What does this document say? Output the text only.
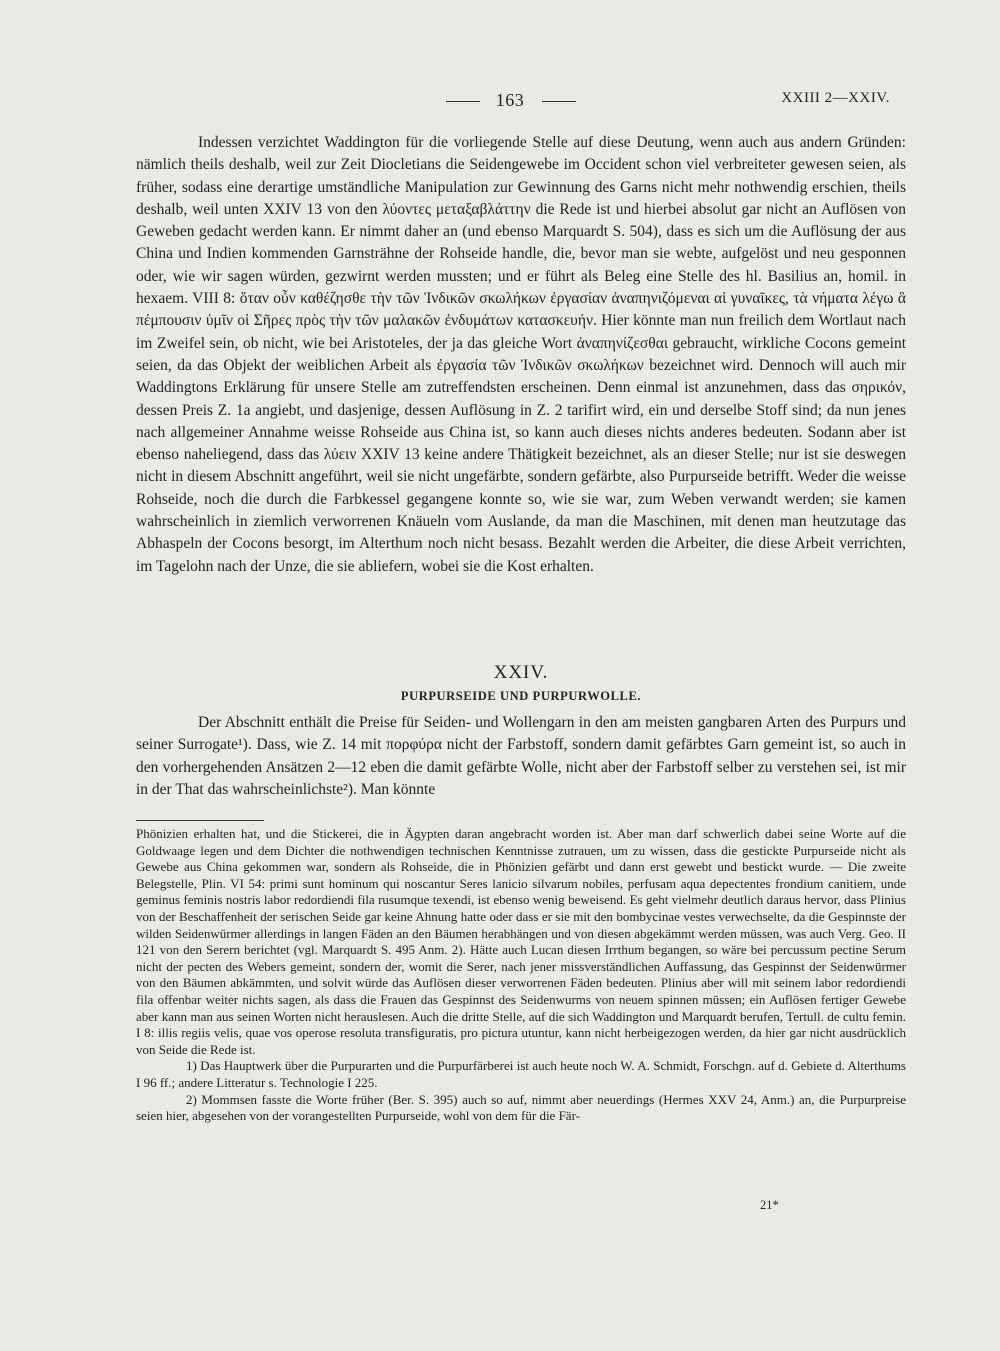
163	XXIII 2—XXIV.

Indessen verzichtet Waddington für die vorliegende Stelle auf diese Deutung, wenn auch aus andern Gründen: nämlich theils deshalb, weil zur Zeit Diocletians die Seidengewebe im Occident schon viel verbreiteter gewesen seien, als früher, sodass eine derartige umständliche Manipulation zur Gewinnung des Garns nicht mehr nothwendig erschien, theils deshalb, weil unten XXIV 13 von den λύοντες μεταξαβλάττην die Rede ist und hierbei absolut gar nicht an Auflösen von Geweben gedacht werden kann. Er nimmt daher an (und ebenso Marquardt S. 504), dass es sich um die Auflösung der aus China und Indien kommenden Garnsträhne der Rohseide handle, die, bevor man sie webte, aufgelöst und neu gesponnen oder, wie wir sagen würden, gezwirnt werden mussten; und er führt als Beleg eine Stelle des hl. Basilius an, homil. in hexaem. VIII 8: ὅταν οὖν καθέζησθε τὴν τῶν Ἰνδικῶν σκωλήκων ἐργασίαν ἀναπηνιζόμεναι αἱ γυναῖκες, τὰ νήματα λέγω ἃ πέμπουσιν ὑμῖν οἱ Σῆρες πρὸς τὴν τῶν μαλακῶν ἐνδυμάτων κατασκευήν. Hier könnte man nun freilich dem Wortlaut nach im Zweifel sein, ob nicht, wie bei Aristoteles, der ja das gleiche Wort ἀναπηνίζεσθαι gebraucht, wirkliche Cocons gemeint seien, da das Objekt der weiblichen Arbeit als ἐργασία τῶν Ἰνδικῶν σκωλήκων bezeichnet wird. Dennoch will auch mir Waddingtons Erklärung für unsere Stelle am zutreffendsten erscheinen. Denn einmal ist anzunehmen, dass das σηρικόν, dessen Preis Z. 1a angiebt, und dasjenige, dessen Auflösung in Z. 2 tarifirt wird, ein und derselbe Stoff sind; da nun jenes nach allgemeiner Annahme weisse Rohseide aus China ist, so kann auch dieses nichts anderes bedeuten. Sodann aber ist ebenso naheliegend, dass das λύειν XXIV 13 keine andere Thätigkeit bezeichnet, als an dieser Stelle; nur ist sie deswegen nicht in diesem Abschnitt angeführt, weil sie nicht ungefärbte, sondern gefärbte, also Purpurseide betrifft. Weder die weisse Rohseide, noch die durch die Farbkessel gegangene konnte so, wie sie war, zum Weben verwandt werden; sie kamen wahrscheinlich in ziemlich verworrenen Knäueln vom Auslande, da man die Maschinen, mit denen man heutzutage das Abhaspeln der Cocons besorgt, im Alterthum noch nicht besass. Bezahlt werden die Arbeiter, die diese Arbeit verrichten, im Tagelohn nach der Unze, die sie abliefern, wobei sie die Kost erhalten.

XXIV.
PURPURSEIDE UND PURPURWOLLE.

Der Abschnitt enthält die Preise für Seiden- und Wollengarn in den am meisten gangbaren Arten des Purpurs und seiner Surrogate¹). Dass, wie Z. 14 mit πορφύρα nicht der Farbstoff, sondern damit gefärbtes Garn gemeint ist, so auch in den vorhergehenden Ansätzen 2—12 eben die damit gefärbte Wolle, nicht aber der Farbstoff selber zu verstehen sei, ist mir in der That das wahrscheinlichste²). Man könnte

Phönizien erhalten hat, und die Stickerei, die in Ägypten daran angebracht worden ist. Aber man darf schwerlich dabei seine Worte auf die Goldwaage legen und dem Dichter die nothwendigen technischen Kenntnisse zutrauen, um zu wissen, dass die gestickte Purpurseide nicht als Gewebe aus China gekommen war, sondern als Rohseide, die in Phönizien gefärbt und dann erst gewebt und bestickt wurde. — Die zweite Belegstelle, Plin. VI 54: primi sunt hominum qui noscantur Seres lanicio silvarum nobiles, perfusam aqua depectentes frondium canitiem, unde geminus feminis nostris labor redordiendi fila rusumque texendi, ist ebenso wenig beweisend. Es geht vielmehr deutlich daraus hervor, dass Plinius von der Beschaffenheit der serischen Seide gar keine Ahnung hatte oder dass er sie mit den bombycinae vestes verwechselte, da die Gespinnste der wilden Seidenwürmer allerdings in langen Fäden an den Bäumen herabhängen und von diesen abgekämmt werden müssen, was auch Verg. Geo. II 121 von den Serern berichtet (vgl. Marquardt S. 495 Anm. 2). Hätte auch Lucan diesen Irrthum begangen, so wäre bei percussum pectine Serum nicht der pecten des Webers gemeint, sondern der, womit die Serer, nach jener missverständlichen Auffassung, das Gespinnst der Seidenwürmer von den Bäumen abkämmten, und solvit würde das Auflösen dieser verworrenen Fäden bedeuten. Plinius aber will mit seinem labor redordiendi fila offenbar weiter nichts sagen, als dass die Frauen das Gespinnst des Seidenwurms von neuem spinnen müssen; ein Auflösen fertiger Gewebe aber kann man aus seinen Worten nicht herauslesen. Auch die dritte Stelle, auf die sich Waddington und Marquardt berufen, Tertull. de cultu femin. I 8: illis regiis velis, quae vos operose resoluta transfiguratis, pro pictura utuntur, kann nicht herbeigezogen werden, da hier gar nicht ausdrücklich von Seide die Rede ist.

1) Das Hauptwerk über die Purpurarten und die Purpurfärberei ist auch heute noch W. A. Schmidt, Forschgn. auf d. Gebiete d. Alterthums I 96 ff.; andere Litteratur s. Technologie I 225.

2) Mommsen fasste die Worte früher (Ber. S. 395) auch so auf, nimmt aber neuerdings (Hermes XXV 24, Anm.) an, die Purpurpreise seien hier, abgesehen von der vorangestellten Purpurseide, wohl von dem für die Fär-

21*
